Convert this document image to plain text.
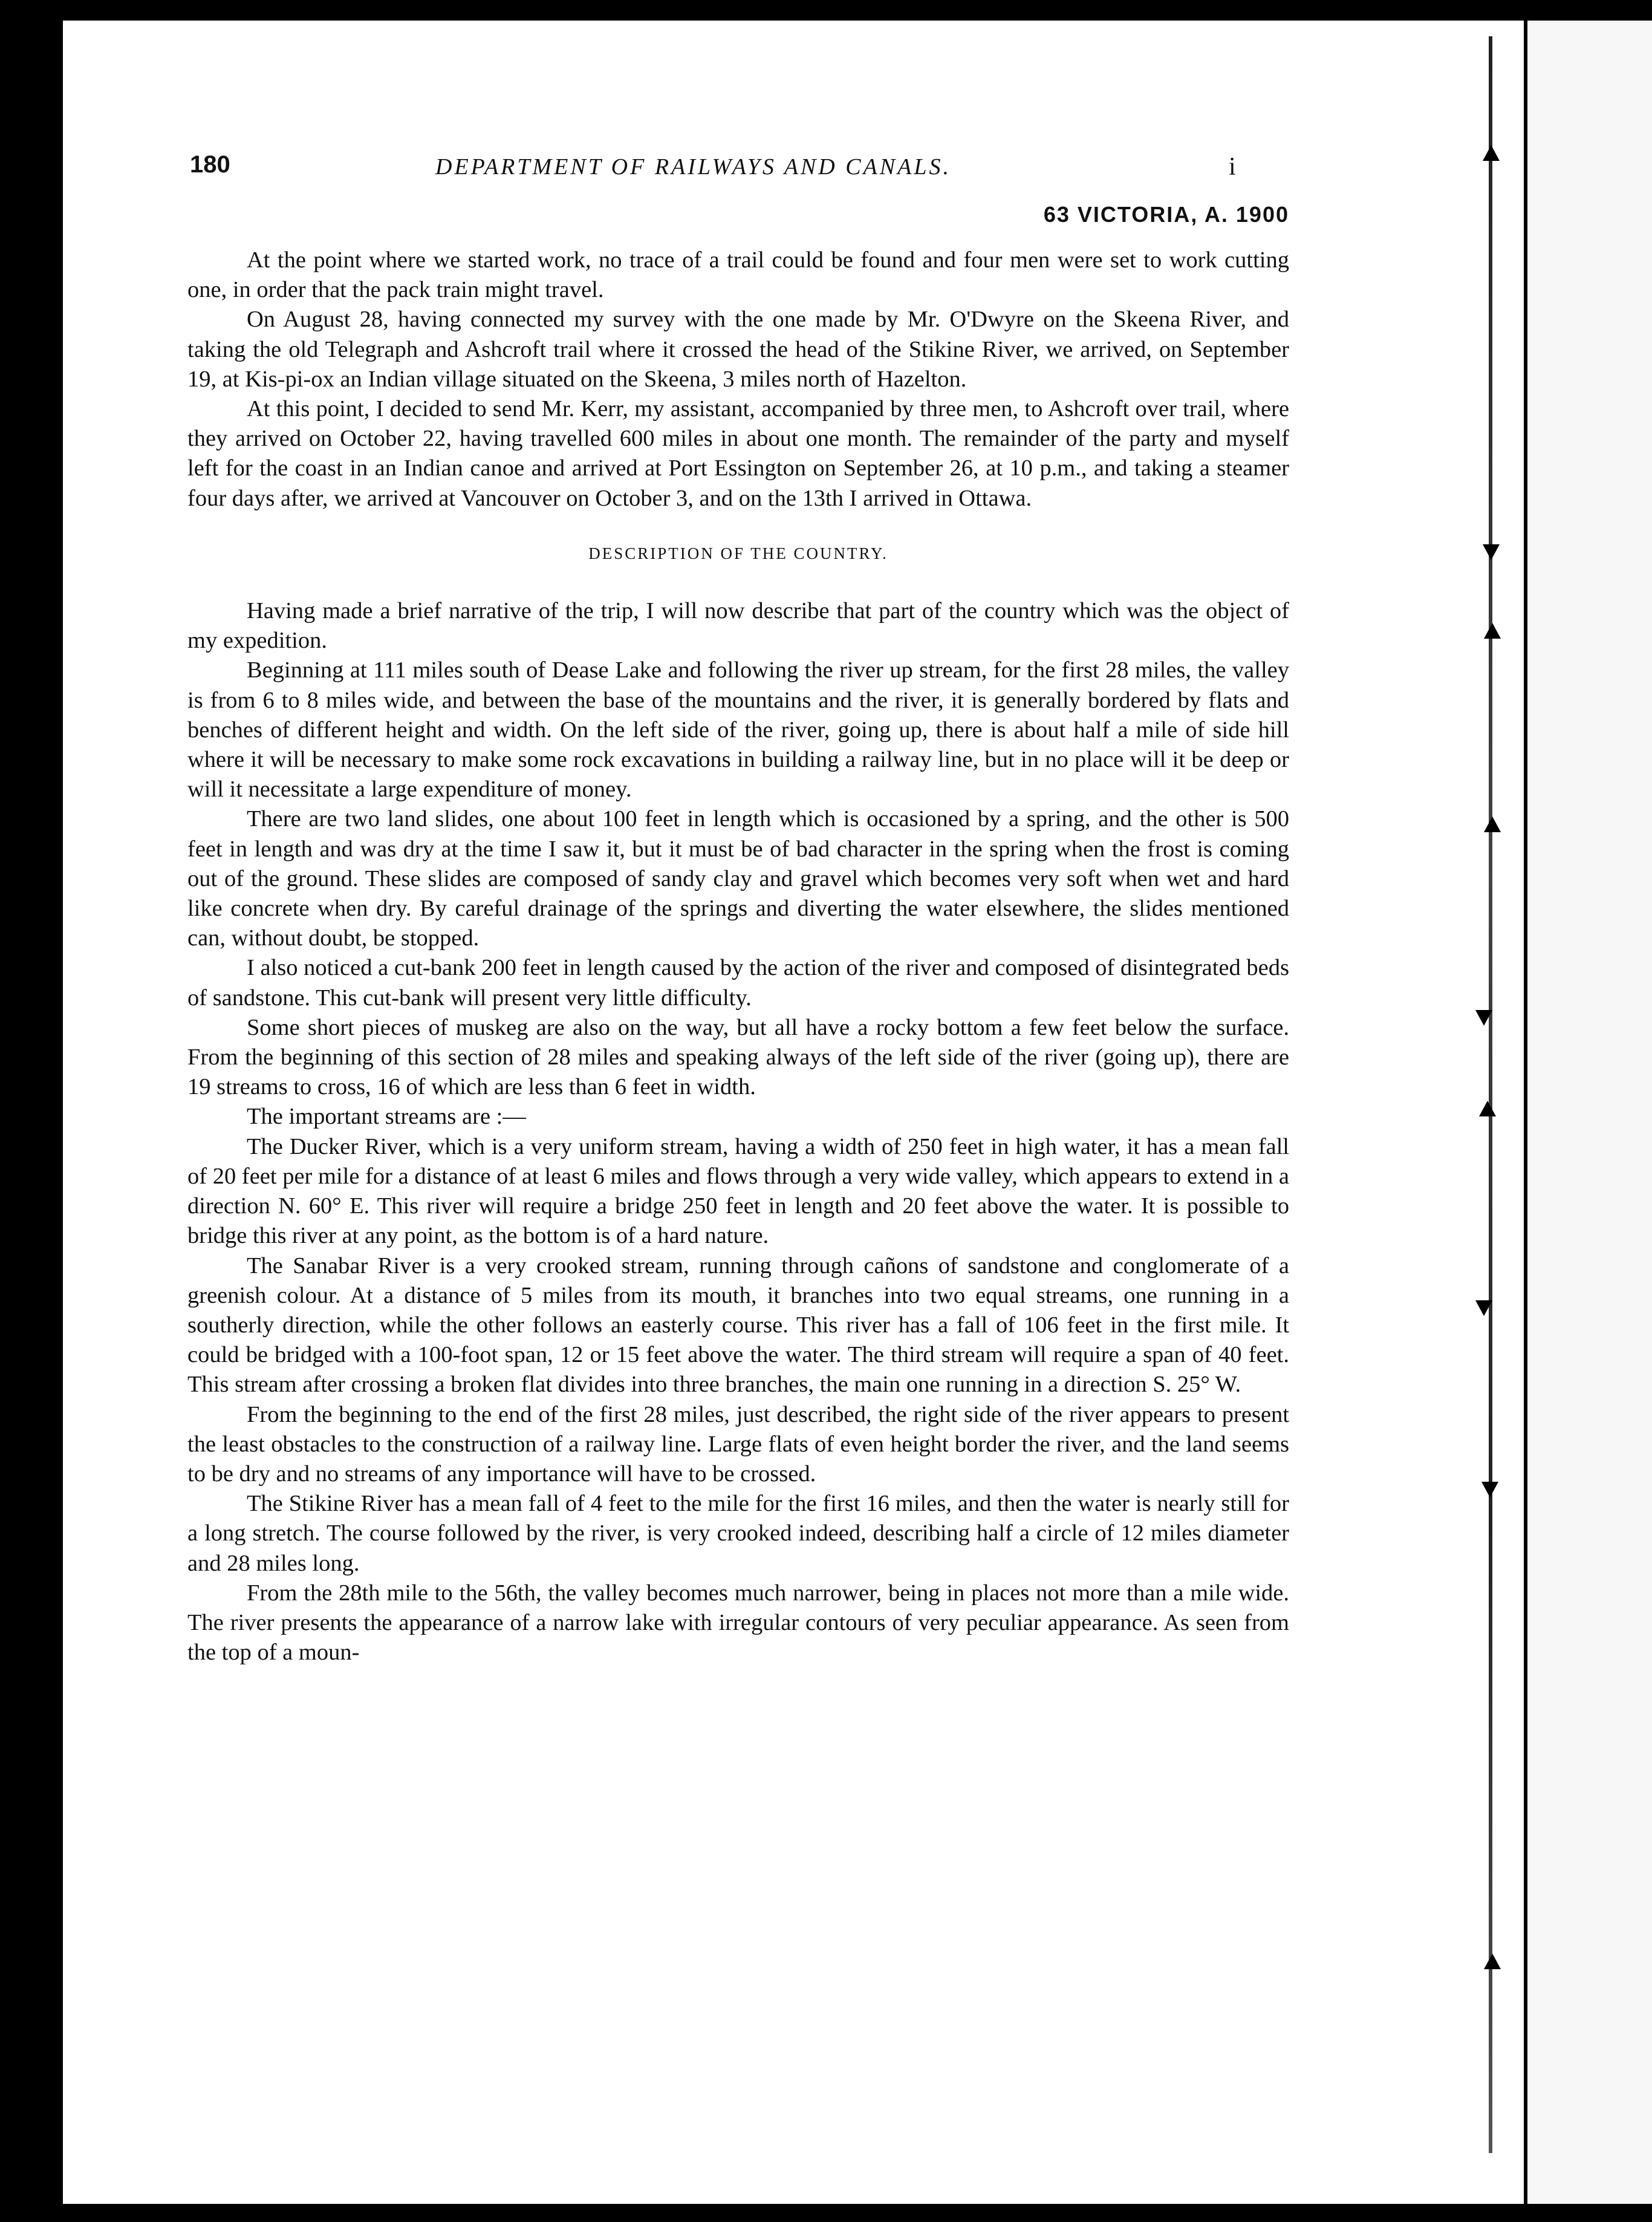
180	DEPARTMENT OF RAILWAYS AND CANALS.	i
63 VICTORIA, A. 1900

At the point where we started work, no trace of a trail could be found and four men were set to work cutting one, in order that the pack train might travel.

On August 28, having connected my survey with the one made by Mr. O'Dwyre on the Skeena River, and taking the old Telegraph and Ashcroft trail where it crossed the head of the Stikine River, we arrived, on September 19, at Kis-pi-ox an Indian village situated on the Skeena, 3 miles north of Hazelton.

At this point, I decided to send Mr. Kerr, my assistant, accompanied by three men, to Ashcroft over trail, where they arrived on October 22, having travelled 600 miles in about one month. The remainder of the party and myself left for the coast in an Indian canoe and arrived at Port Essington on September 26, at 10 p.m., and taking a steamer four days after, we arrived at Vancouver on October 3, and on the 13th I arrived in Ottawa.

DESCRIPTION OF THE COUNTRY.

Having made a brief narrative of the trip, I will now describe that part of the country which was the object of my expedition.

Beginning at 111 miles south of Dease Lake and following the river up stream, for the first 28 miles, the valley is from 6 to 8 miles wide, and between the base of the mountains and the river, it is generally bordered by flats and benches of different height and width. On the left side of the river, going up, there is about half a mile of side hill where it will be necessary to make some rock excavations in building a railway line, but in no place will it be deep or will it necessitate a large expenditure of money.

There are two land slides, one about 100 feet in length which is occasioned by a spring, and the other is 500 feet in length and was dry at the time I saw it, but it must be of bad character in the spring when the frost is coming out of the ground. These slides are composed of sandy clay and gravel which becomes very soft when wet and hard like concrete when dry. By careful drainage of the springs and diverting the water elsewhere, the slides mentioned can, without doubt, be stopped.

I also noticed a cut-bank 200 feet in length caused by the action of the river and composed of disintegrated beds of sandstone. This cut-bank will present very little difficulty.

Some short pieces of muskeg are also on the way, but all have a rocky bottom a few feet below the surface. From the beginning of this section of 28 miles and speaking always of the left side of the river (going up), there are 19 streams to cross, 16 of which are less than 6 feet in width.

The important streams are :—

The Ducker River, which is a very uniform stream, having a width of 250 feet in high water, it has a mean fall of 20 feet per mile for a distance of at least 6 miles and flows through a very wide valley, which appears to extend in a direction N. 60° E. This river will require a bridge 250 feet in length and 20 feet above the water. It is possible to bridge this river at any point, as the bottom is of a hard nature.

The Sanabar River is a very crooked stream, running through cañons of sandstone and conglomerate of a greenish colour. At a distance of 5 miles from its mouth, it branches into two equal streams, one running in a southerly direction, while the other follows an easterly course. This river has a fall of 106 feet in the first mile. It could be bridged with a 100-foot span, 12 or 15 feet above the water. The third stream will require a span of 40 feet. This stream after crossing a broken flat divides into three branches, the main one running in a direction S. 25° W.

From the beginning to the end of the first 28 miles, just described, the right side of the river appears to present the least obstacles to the construction of a railway line. Large flats of even height border the river, and the land seems to be dry and no streams of any importance will have to be crossed.

The Stikine River has a mean fall of 4 feet to the mile for the first 16 miles, and then the water is nearly still for a long stretch. The course followed by the river, is very crooked indeed, describing half a circle of 12 miles diameter and 28 miles long.

From the 28th mile to the 56th, the valley becomes much narrower, being in places not more than a mile wide. The river presents the appearance of a narrow lake with irregular contours of very peculiar appearance. As seen from the top of a moun-
